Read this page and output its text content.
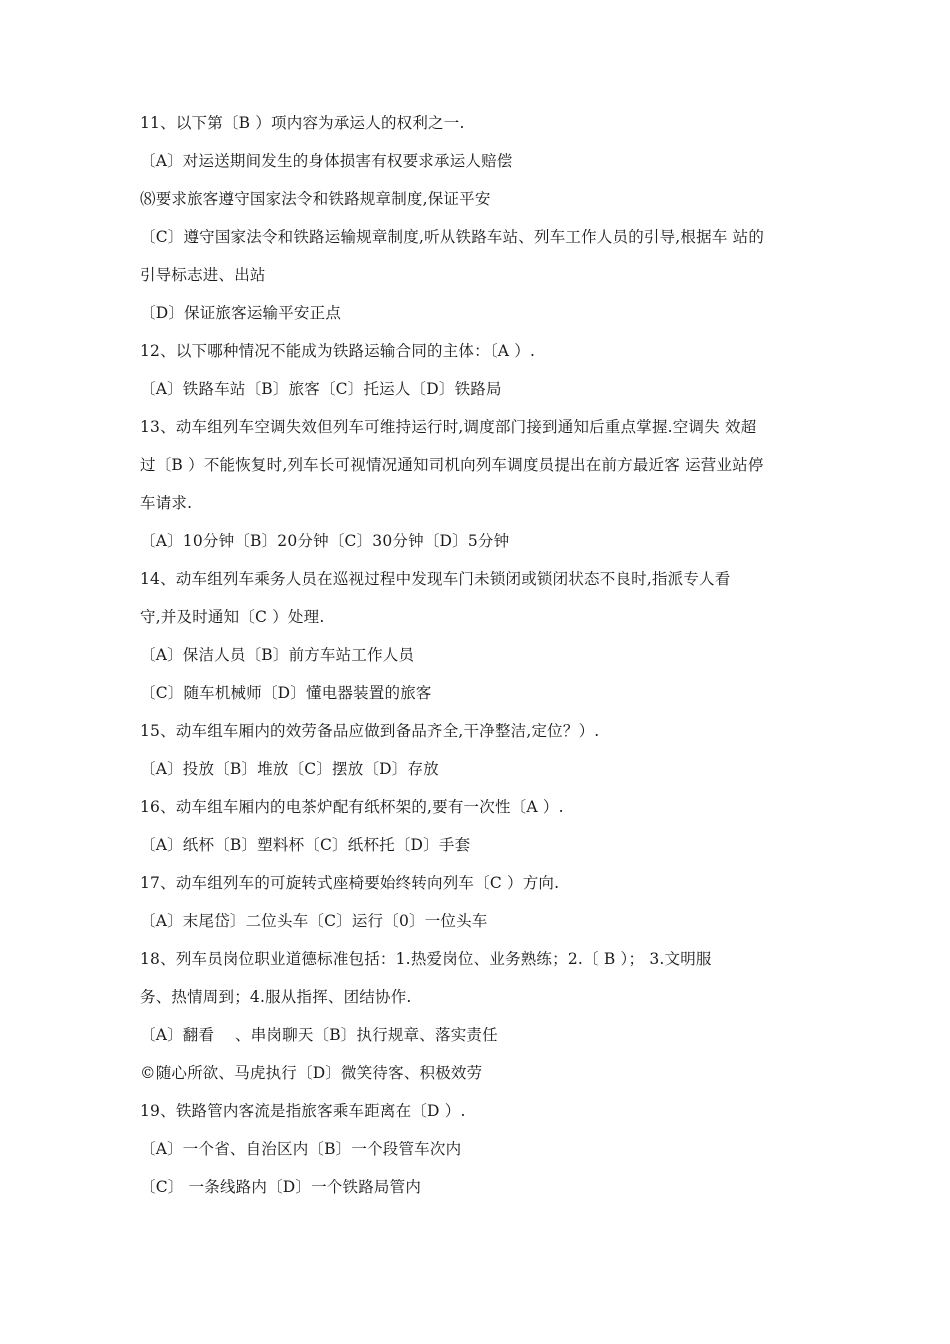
11、以下第〔B ）项内容为承运人的权利之一.
〔A〕对运送期间发生的身体损害有权要求承运人赔偿
⑻要求旅客遵守国家法令和铁路规章制度,保证平安
〔C〕遵守国家法令和铁路运输规章制度,听从铁路车站、列车工作人员的引导,根据车 站的
引导标志进、出站
〔D〕保证旅客运输平安正点
12、以下哪种情况不能成为铁路运输合同的主体：〔A ）.
〔A〕铁路车站〔B〕旅客〔C〕托运人〔D〕铁路局
13、动车组列车空调失效但列车可维持运行时,调度部门接到通知后重点掌握.空调失 效超
过〔B ）不能恢复时,列车长可视情况通知司机向列车调度员提出在前方最近客 运营业站停
车请求.
〔A〕10分钟〔B〕20分钟〔C〕30分钟〔D〕5分钟
14、动车组列车乘务人员在巡视过程中发现车门未锁闭或锁闭状态不良时,指派专人看
守,并及时通知〔C ）处理.
〔A〕保洁人员〔B〕前方车站工作人员
〔C〕随车机械师〔D〕懂电器装置的旅客
15、动车组车厢内的效劳备品应做到备品齐全,干净整洁,定位？）.
〔A〕投放〔B〕堆放〔C〕摆放〔D〕存放
16、动车组车厢内的电茶炉配有纸杯架的,要有一次性〔A ）.
〔A〕纸杯〔B〕塑料杯〔C〕纸杯托〔D〕手套
17、动车组列车的可旋转式座椅要始终转向列车〔C ）方向.
〔A〕末尾岱〕二位头车〔C〕运行〔0〕一位头车
18、列车员岗位职业道德标准包括：1.热爱岗位、业务熟练；2.〔 B ）； 3.文明服
务、热情周到；4.服从指挥、团结协作.
〔A〕翻看 　、串岗聊天〔B〕执行规章、落实责任
©随心所欲、马虎执行〔D〕微笑待客、积极效劳
19、铁路管内客流是指旅客乘车距离在〔D ）.
〔A〕一个省、自治区内〔B〕一个段管车次内
〔C〕 一条线路内〔D〕一个铁路局管内
